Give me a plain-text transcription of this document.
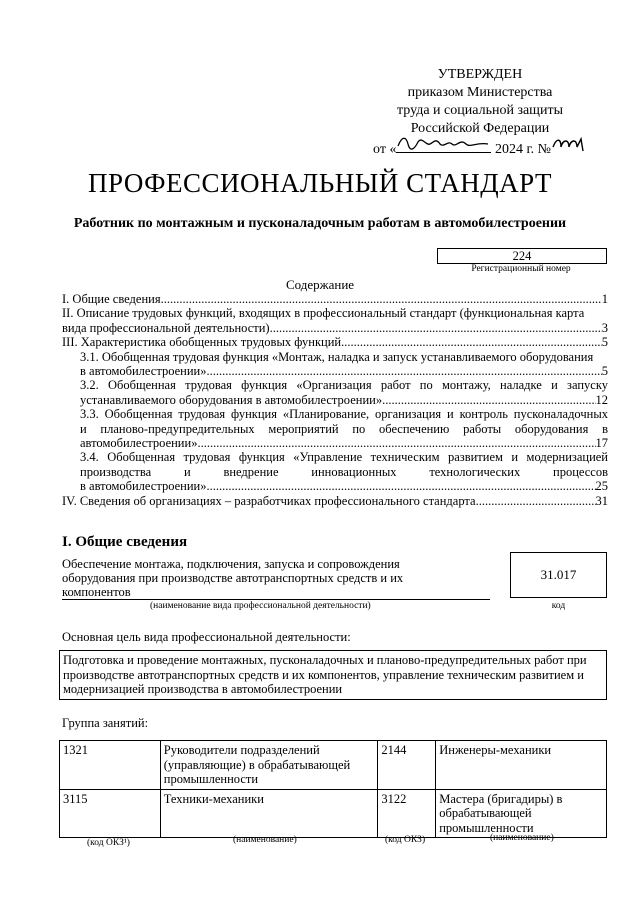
УТВЕРЖДЕН
приказом Министерства
труда и социальной защиты
Российской Федерации
от «	2024 г. №
ПРОФЕССИОНАЛЬНЫЙ СТАНДАРТ
Работник по монтажным и пусконаладочным работам в автомобилестроении
224
Регистрационный номер
Содержание
I. Общие сведения .....	1
II. Описание трудовых функций, входящих в профессиональный стандарт (функциональная карта
вида профессиональной деятельности) .....	3
III. Характеристика обобщенных трудовых функций .....	5
3.1. Обобщенная трудовая функция «Монтаж, наладка и запуск устанавливаемого оборудования
в автомобилестроении» .....	5
3.2. Обобщенная трудовая функция «Организация работ по монтажу, наладке и запуску
устанавливаемого оборудования в автомобилестроении» .....	12
3.3. Обобщенная трудовая функция «Планирование, организация и контроль пусконаладочных
и планово-предупредительных мероприятий по обеспечению работы оборудования в
автомобилестроении» .....	17
3.4. Обобщенная трудовая функция «Управление техническим развитием и модернизацией
производства и внедрение инновационных технологических процессов
в автомобилестроении» .....	25
IV. Сведения об организациях – разработчиках профессионального стандарта .....	31
I. Общие сведения
Обеспечение монтажа, подключения, запуска и сопровождения оборудования при производстве автотранспортных средств и их компонентов
31.017
(наименование вида профессиональной деятельности)	код
Основная цель вида профессиональной деятельности:
Подготовка и проведение монтажных, пусконаладочных и планово-предупредительных работ при производстве автотранспортных средств и их компонентов, управление техническим развитием и модернизацией производства в автомобилестроении
Группа занятий:
1321	Руководители подразделений (управляющие) в обрабатывающей промышленности	2144	Инженеры-механики
3115	Техники-механики	3122	Мастера (бригадиры) в обрабатывающей промышленности
(код ОКЗ¹)	(наименование)	(код ОКЗ)	(наименование)
